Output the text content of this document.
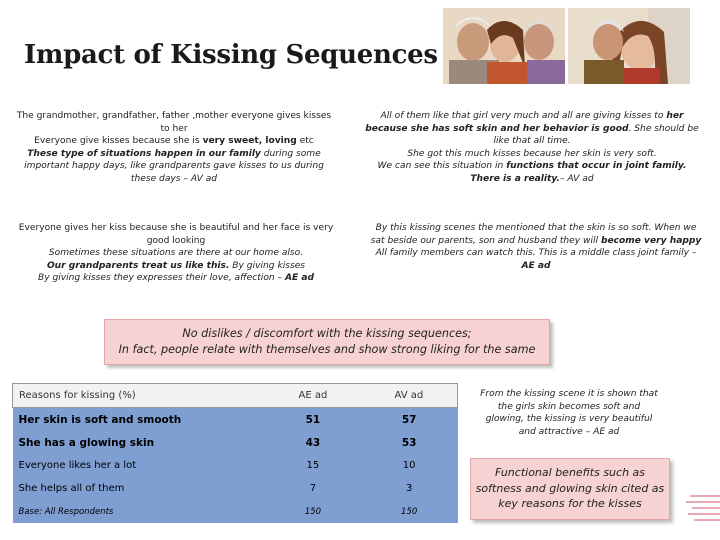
Impact of Kissing Sequences

The grandmother, grandfather, father ,mother everyone gives kisses to her

Everyone give kisses because she is very sweet, loving etc

These type of situations happen in our family during some important happy days, like grandparents gave kisses to us during these days – AV ad

All of them like that girl very much and all are giving kisses to her because she has soft skin and her behavior is good. She should be like that all time.
She got this much kisses because her skin is very soft.
We can see this situation in functions that occur in joint family. There is a reality.– AV ad

Everyone gives her kiss because she is beautiful and her face is very good looking

Sometimes these situations are there at our home also.

Our grandparents treat us like this. By giving kisses

By giving kisses they expresses their love, affection – AE ad

By this kissing scenes the mentioned that the skin is so soft. When we sat beside our parents, son and husband they will become very happy
All family members can watch this. This is a middle class joint family – AE ad

No dislikes / discomfort with the kissing sequences;
In fact, people relate with themselves and show strong liking for the same
Reasons for kissing (%)	AE ad	AV ad
Her skin is soft and smooth	51	57
She has a glowing skin	43	53
Everyone likes her a lot	15	10
She helps all of them	7	3
Base: All Respondents	150	150
From the kissing scene it is shown that the girls skin becomes soft and glowing, the kissing is very beautiful and attractive – AE ad
Functional benefits such as softness and glowing skin cited as key reasons for the kisses
